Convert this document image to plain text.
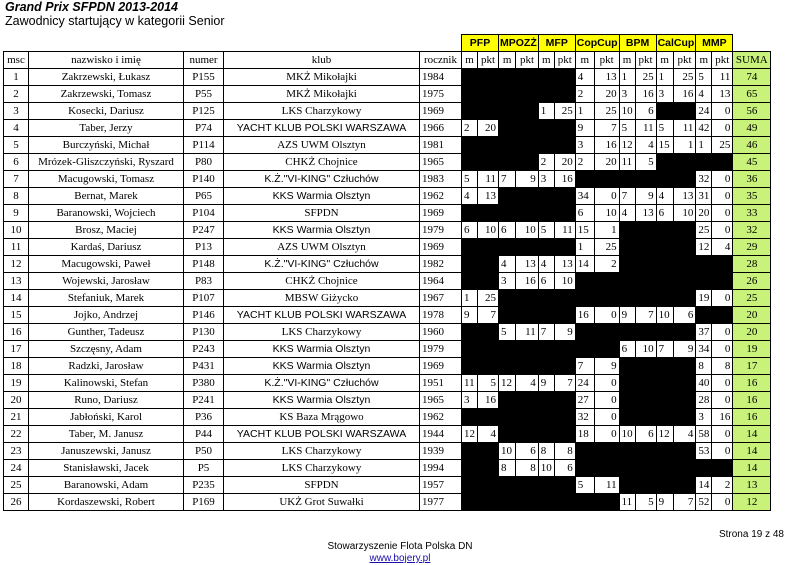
Grand Prix SFPDN 2013-2014
Zawodnicy startujący w kategorii Senior
					PFP		MPOZŻ		MFP		CopCup		BPM		CalCup		MMP		
msc	nazwisko i imię	numer	klub	rocznik	m	pkt	m	pkt	m	pkt	m	pkt	m	pkt	m	pkt	m	pkt	SUMA
1	Zakrzewski, Łukasz	P155	MKŻ Mikołajki	1984							4	13	1	25	1	25	5	11	74
2	Zakrzewski, Tomasz	P55	MKŻ Mikołajki	1975							2	20	3	16	3	16	4	13	65
3	Kosecki, Dariusz	P125	LKS Charzykowy	1969					1	25	1	25	10	6			24	0	56
4	Taber, Jerzy	P74	YACHT KLUB POLSKI WARSZAWA	1966	2	20					9	7	5	11	5	11	42	0	49
5	Burczyński, Michał	P114	AZS UWM Olsztyn	1981							3	16	12	4	15	1	1	25	46
6	Mrózek-Gliszczyński, Ryszard	P80	CHKŻ Chojnice	1965					2	20	2	20	11	5					45
7	Macugowski, Tomasz	P140	K.Ż."VI-KING" Człuchów	1983	5	11	7	9	3	16							32	0	36
8	Bernat, Marek	P65	KKS Warmia Olsztyn	1962	4	13					34	0	7	9	4	13	31	0	35
9	Baranowski, Wojciech	P104	SFPDN	1969							6	10	4	13	6	10	20	0	33
10	Brosz, Maciej	P247	KKS Warmia Olsztyn	1979	6	10	6	10	5	11	15	1					25	0	32
11	Kardaś, Dariusz	P13	AZS UWM Olsztyn	1969							1	25					12	4	29
12	Macugowski, Paweł	P148	K.Ż."VI-KING" Człuchów	1982			4	13	4	13	14	2							28
13	Wojewski, Jarosław	P83	CHKŻ Chojnice	1964			3	16	6	10									26
14	Stefaniuk, Marek	P107	MBSW Giżycko	1967	1	25											19	0	25
15	Jojko, Andrzej	P146	YACHT KLUB POLSKI WARSZAWA	1978	9	7					16	0	9	7	10	6			20
16	Gunther, Tadeusz	P130	LKS Charzykowy	1960			5	11	7	9							37	0	20
17	Szczęsny, Adam	P243	KKS Warmia Olsztyn	1979									6	10	7	9	34	0	19
18	Radzki, Jarosław	P431	KKS Warmia Olsztyn	1969							7	9					8	8	17
19	Kalinowski, Stefan	P380	K.Ż."VI-KING" Człuchów	1951	11	5	12	4	9	7	24	0					40	0	16
20	Runo, Dariusz	P241	KKS Warmia Olsztyn	1965	3	16					27	0					28	0	16
21	Jabłoński, Karol	P36	KS Baza Mrągowo	1962							32	0					3	16	16
22	Taber, M. Janusz	P44	YACHT KLUB POLSKI WARSZAWA	1944	12	4					18	0	10	6	12	4	58	0	14
23	Januszewski, Janusz	P50	LKS Charzykowy	1939			10	6	8	8							53	0	14
24	Stanisławski, Jacek	P5	LKS Charzykowy	1994			8	8	10	6									14
25	Baranowski, Adam	P235	SFPDN	1957							5	11					14	2	13
26	Kordaszewski, Robert	P169	UKŻ Grot Suwałki	1977									11	5	9	7	52	0	12
Strona 19 z 48
Stowarzyszenie Flota Polska DN
www.bojery.pl
